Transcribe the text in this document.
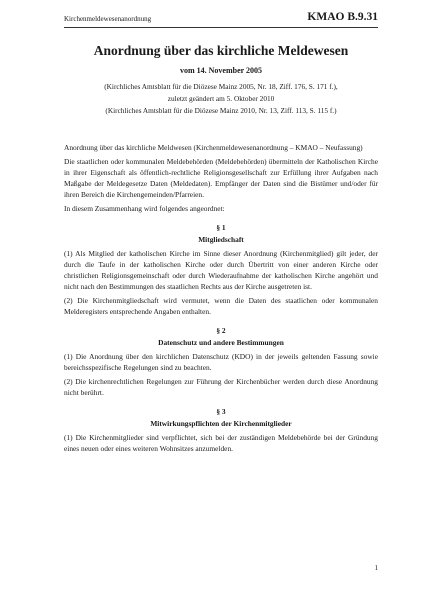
Kirchenmeldewesenanordnung	KMAO B.9.31
Anordnung über das kirchliche Meldewesen
vom 14. November 2005
(Kirchliches Amtsblatt für die Diözese Mainz 2005, Nr. 18, Ziff. 176, S. 171 f.),
zuletzt geändert am 5. Oktober 2010
(Kirchliches Amtsblatt für die Diözese Mainz 2010, Nr. 13, Ziff. 113, S. 115 f.)

Anordnung über das kirchliche Meldwesen (Kirchenmeldewesenanordnung – KMAO – Neufassung)

Die staatlichen oder kommunalen Meldebehörden (Meldebehörden) übermitteln der Katholischen Kirche in ihrer Eigenschaft als öffentlich-rechtliche Religionsgesellschaft zur Erfüllung ihrer Aufgaben nach Maßgabe der Meldegesetze Daten (Meldedaten). Empfänger der Daten sind die Bistümer und/oder für ihren Bereich die Kirchengemeinden/Pfarreien.

In diesem Zusammenhang wird folgendes angeordnet:

§ 1
Mitgliedschaft

(1) Als Mitglied der katholischen Kirche im Sinne dieser Anordnung (Kirchenmitglied) gilt jeder, der durch die Taufe in der katholischen Kirche oder durch Übertritt von einer anderen Kirche oder christlichen Religionsgemeinschaft oder durch Wiederaufnahme der katholischen Kirche angehört und nicht nach den Bestimmungen des staatlichen Rechts aus der Kirche ausgetreten ist.

(2) Die Kirchenmitgliedschaft wird vermutet, wenn die Daten des staatlichen oder kommunalen Melderegisters entsprechende Angaben enthalten.

§ 2
Datenschutz und andere Bestimmungen

(1) Die Anordnung über den kirchlichen Datenschutz (KDO) in der jeweils geltenden Fassung sowie bereichsspezifische Regelungen sind zu beachten.

(2) Die kirchenrechtlichen Regelungen zur Führung der Kirchenbücher werden durch diese Anordnung nicht berührt.

§ 3
Mitwirkungspflichten der Kirchenmitglieder

(1) Die Kirchenmitglieder sind verpflichtet, sich bei der zuständigen Meldebehörde bei der Gründung eines neuen oder eines weiteren Wohnsitzes anzumelden.

1
